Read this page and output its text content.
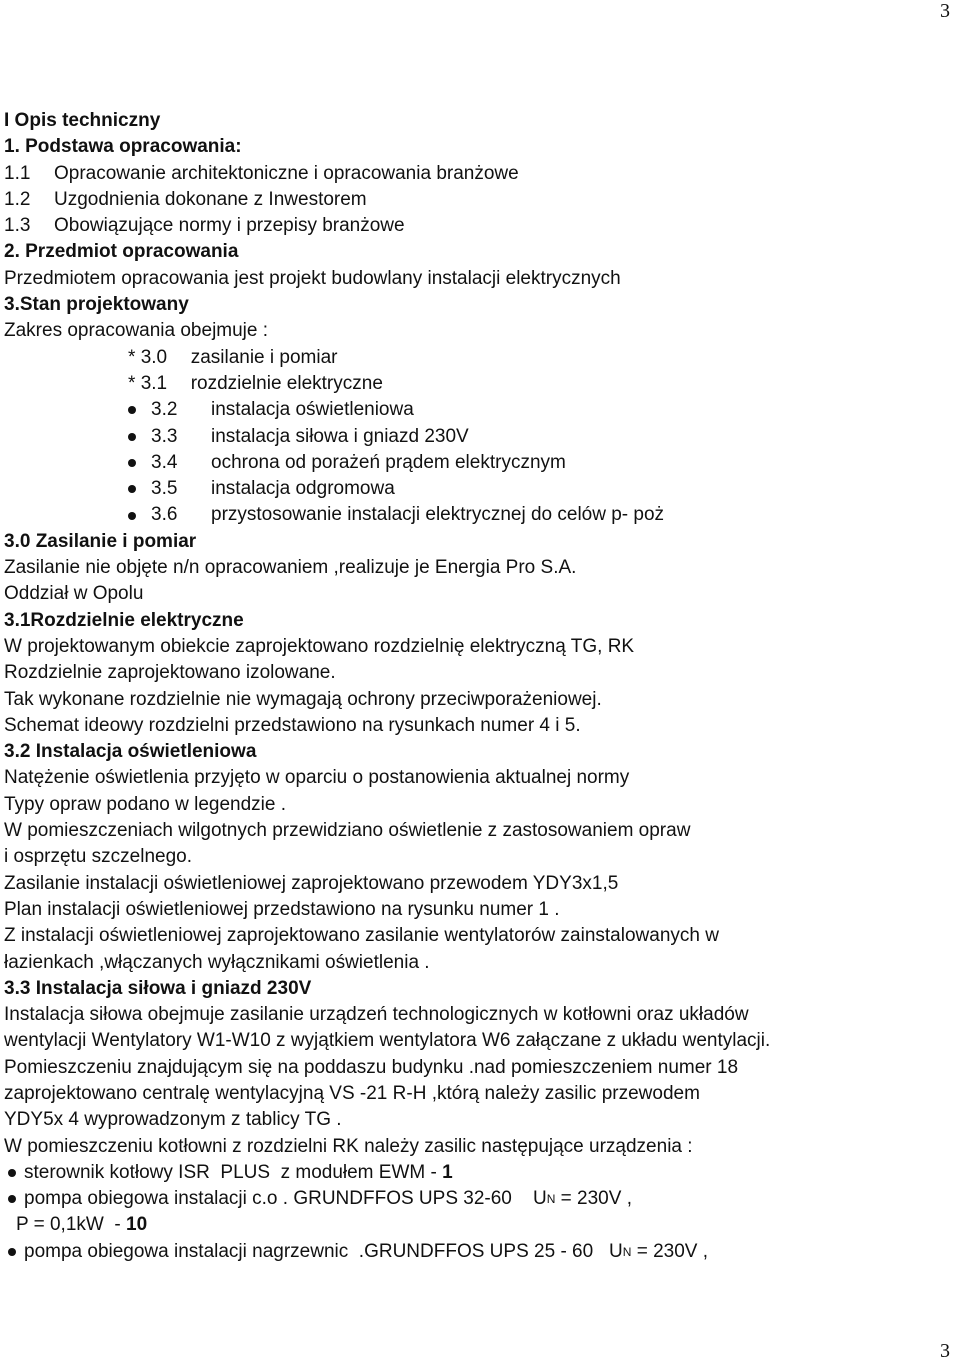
3
I Opis techniczny
1. Podstawa opracowania:
1.1 Opracowanie architektoniczne i opracowania branżowe
1.2 Uzgodnienia dokonane z Inwestorem
1.3 Obowiązujące normy i przepisy branżowe
2. Przedmiot opracowania
Przedmiotem opracowania jest projekt budowlany instalacji elektrycznych
3.Stan projektowany
Zakres opracowania obejmuje :
* 3.0 zasilanie i pomiar
* 3.1 rozdzielnie elektryczne
3.2	instalacja oświetleniowa
3.3	instalacja siłowa i gniazd 230V
3.4	ochrona od porażeń prądem elektrycznym
3.5	instalacja odgromowa
3.6	przystosowanie instalacji elektrycznej do celów p- poż
3.0 Zasilanie i pomiar
Zasilanie nie objęte n/n opracowaniem ,realizuje je Energia Pro S.A.
Oddział w Opolu
3.1Rozdzielnie elektryczne
W projektowanym obiekcie zaprojektowano rozdzielnię elektryczną TG, RK
Rozdzielnie zaprojektowano izolowane.
Tak wykonane rozdzielnie nie wymagają ochrony przeciwporażeniowej.
Schemat ideowy rozdzielni przedstawiono na rysunkach numer 4 i 5.
3.2 Instalacja oświetleniowa
Natężenie oświetlenia przyjęto w oparciu o postanowienia aktualnej normy
Typy opraw podano w legendzie .
W pomieszczeniach wilgotnych przewidziano oświetlenie z zastosowaniem opraw
i osprzętu szczelnego.
Zasilanie instalacji oświetleniowej zaprojektowano przewodem YDY3x1,5
Plan instalacji oświetleniowej przedstawiono na rysunku numer 1 .
Z instalacji oświetleniowej zaprojektowano zasilanie wentylatorów zainstalowanych w
łazienkach ,włączanych wyłącznikami oświetlenia .
3.3 Instalacja siłowa i gniazd 230V
Instalacja siłowa obejmuje zasilanie urządzeń technologicznych w kotłowni oraz układów
wentylacji Wentylatory W1-W10 z wyjątkiem wentylatora W6 załączane z układu wentylacji.
Pomieszczeniu znajdującym się na poddaszu budynku .nad pomieszczeniem numer 18
zaprojektowano centralę wentylacyjną VS -21 R-H ,którą należy zasilic przewodem
YDY5x 4 wyprowadzonym z tablicy TG .
W pomieszczeniu kotłowni z rozdzielni RK należy zasilic następujące urządzenia :
sterownik kotłowy ISR  PLUS  z modułem EWM - 1
pompa obiegowa instalacji c.o . GRUNDFFOS UPS 32-60    U N = 230V ,
P = 0,1kW  - 10
pompa obiegowa instalacji nagrzewnic  .GRUNDFFOS UPS 25 - 60   U N = 230V ,
3
